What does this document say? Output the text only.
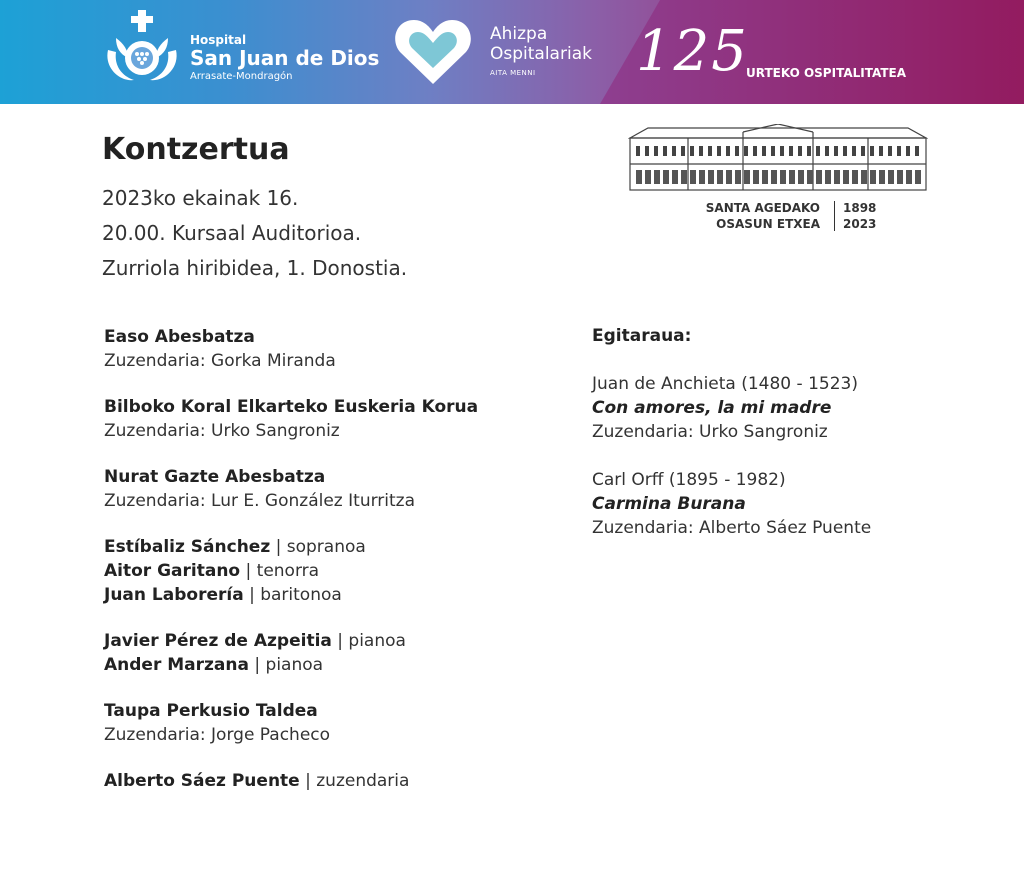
Hospital
San Juan de Dios
Arrasate-Mondragón
Ahizpa
Ospitalariak
AITA MENNI 125
URTEKO OSPITALITATEA
Kontzertua
2023ko ekainak 16.
20.00. Kursaal Auditorioa.
Zurriola hiribidea, 1. Donostia.
SANTA AGEDAKO
OSASUN ETXEA
1898
2023
Easo Abesbatza
Zuzendaria: Gorka Miranda
Bilboko Koral Elkarteko Euskeria Korua
Zuzendaria: Urko Sangroniz
Nurat Gazte Abesbatza
Zuzendaria: Lur E. González Iturritza
Estíbaliz Sánchez | sopranoa
Aitor Garitano | tenorra
Juan Laborería | baritonoa
Javier Pérez de Azpeitia | pianoa
Ander Marzana | pianoa
Taupa Perkusio Taldea
Zuzendaria: Jorge Pacheco
Alberto Sáez Puente | zuzendaria
Egitaraua:
Juan de Anchieta (1480 - 1523)
Con amores, la mi madre
Zuzendaria: Urko Sangroniz
Carl Orff (1895 - 1982)
Carmina Burana
Zuzendaria: Alberto Sáez Puente
